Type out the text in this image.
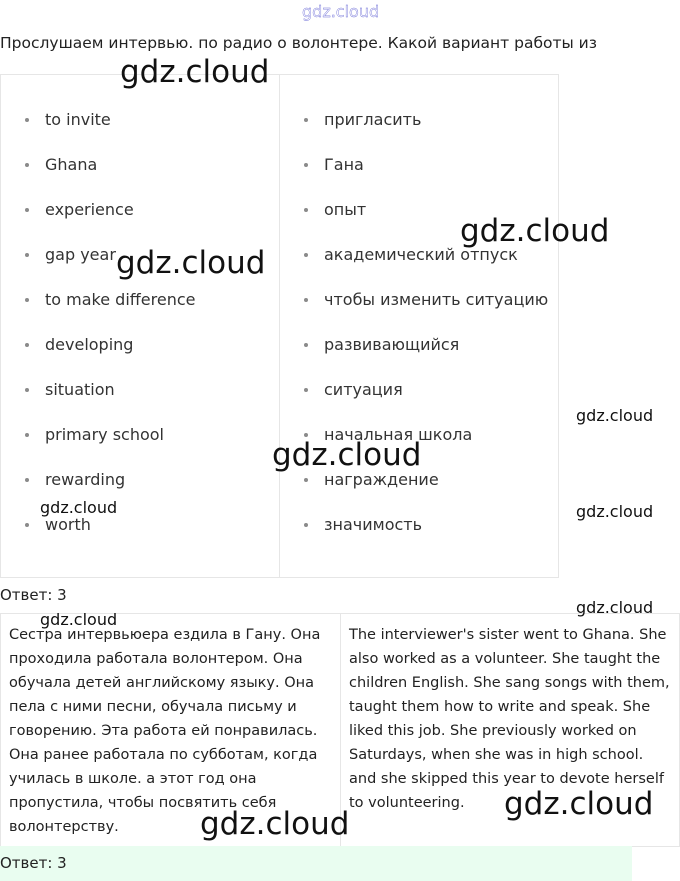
gdz.cloud
Прослушаем интервью. по радио о волонтере. Какой вариант работы из
to invite
Ghana
experience
gap year
to make difference
developing
situation
primary school
rewarding
worth
пригласить
Гана
опыт
академический отпуск
чтобы изменить ситуацию
развивающийся
ситуация
начальная школа
награждение
значимость
Ответ: 3
Сестра интервьюера ездила в Гану. Она
проходила работала волонтером. Она
обучала детей английскому языку. Она
пела с ними песни, обучала письму и
говорению. Эта работа ей понравилась.
Она ранее работала по субботам, когда
училась в школе. а этот год она
пропустила, чтобы посвятить себя
волонтерству.
The interviewer's sister went to Ghana. She
also worked as a volunteer. She taught the
children English. She sang songs with them,
taught them how to write and speak. She
liked this job. She previously worked on
Saturdays, when she was in high school.
and she skipped this year to devote herself
to volunteering.
Ответ: 3
gdz.cloud
gdz.cloud
gdz.cloud
gdz.cloud
gdz.cloud
gdz.cloud	gdz.cloud
gdz.cloud
gdz.cloud
gdz.cloud
gdz.cloud
